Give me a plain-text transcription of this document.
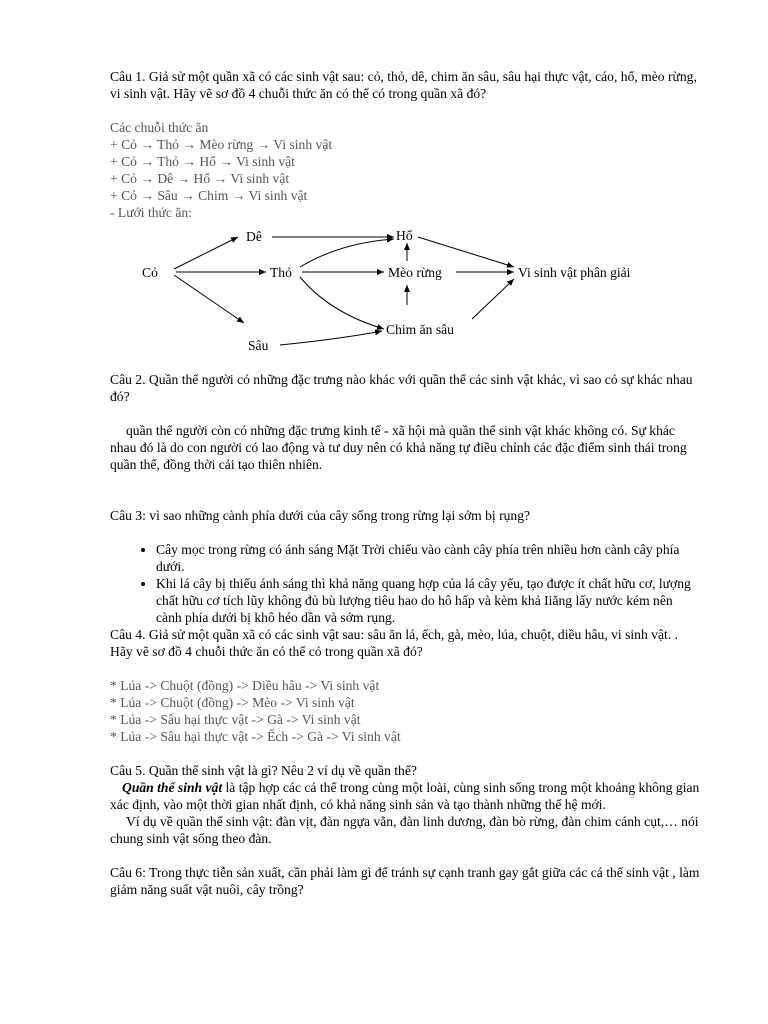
Câu 1. Giả sử một quần xã có các sinh vật sau: cỏ, thỏ, dê, chim ăn sâu, sâu hại thực vật, cáo, hổ, mèo rừng, vi sinh vật. Hãy vẽ sơ đồ 4 chuỗi thức ăn có thể có trong quần xã đó?

Các chuỗi thức ăn

+ Cỏ → Thỏ → Mèo rừng → Vi sinh vật

+ Cỏ → Thỏ → Hổ → Vi sinh vật

+ Cỏ → Dê → Hổ → Vi sinh vật

+ Cỏ → Sâu → Chim → Vi sinh vật

- Lưới thức ăn:

Cỏ
Dê
Thỏ
Sâu
Hổ
Mèo rừng
Chim ăn sâu
Vi sinh vật phân giải

Câu 2. Quần thể người có những đặc trưng nào khác với quần thể các sinh vật khác, vì sao có sự khác nhau đó?

quần thể người còn có những đặc trưng kinh tế - xã hội mà quần thể sinh vật khác không có. Sự khác nhau đó là do con người có lao động và tư duy nên có khả năng tự điều chỉnh các đặc điểm sinh thái trong quần thể, đồng thời cải tạo thiên nhiên.

Câu 3: vì sao những cành phía dưới của cây sống trong rừng lại sớm bị rụng?

• Cây mọc trong rừng có ánh sáng Mặt Trời chiếu vào cành cây phía trên nhiều hơn cành cây phía dưới.
• Khi lá cây bị thiếu ánh sáng thì khả năng quang hợp của lá cây yếu, tạo được ít chất hữu cơ, lượng chất hữu cơ tích lũy không đủ bù lượng tiêu hao do hô hấp và kèm khả Iiăng lấy nước kém nên cành phía dưới bị khô héo dần và sớm rụng.

Câu 4. Giả sử một quần xã có các sinh vật sau: sâu ăn lá, ếch, gà, mèo, lúa, chuột, diều hâu, vi sinh vật. . Hãy vẽ sơ đồ 4 chuỗi thức ăn có thể có trong quần xã đó?

* Lúa -> Chuột (đồng) -> Diều hâu -> Vi sinh vật

* Lúa -> Chuột (đồng) -> Mèo -> Vi sinh vật

* Lúa -> Sâu hại thực vật -> Gà -> Vi sinh vật

* Lúa -> Sâu hại thực vật -> Ếch -> Gà -> Vi sinh vật

Câu 5. Quần thể sinh vật là gì? Nêu 2 ví dụ về quần thể?

Quần thể sinh vật là tập hợp các cá thể trong cùng một loài, cùng sinh sống trong một khoảng không gian xác định, vào một thời gian nhất định, có khả năng sinh sản và tạo thành những thế hệ mới.

Ví dụ về quần thể sinh vật: đàn vịt, đàn ngựa vằn, đàn linh dương, đàn bò rừng, đàn chim cánh cụt,… nói chung sinh vật sống theo đàn.

Câu 6: Trong thực tiễn sản xuất, cần phải làm gì để tránh sự cạnh tranh gay gắt giữa các cá thể sinh vật , làm giảm năng suất vật nuôi, cây trồng?
